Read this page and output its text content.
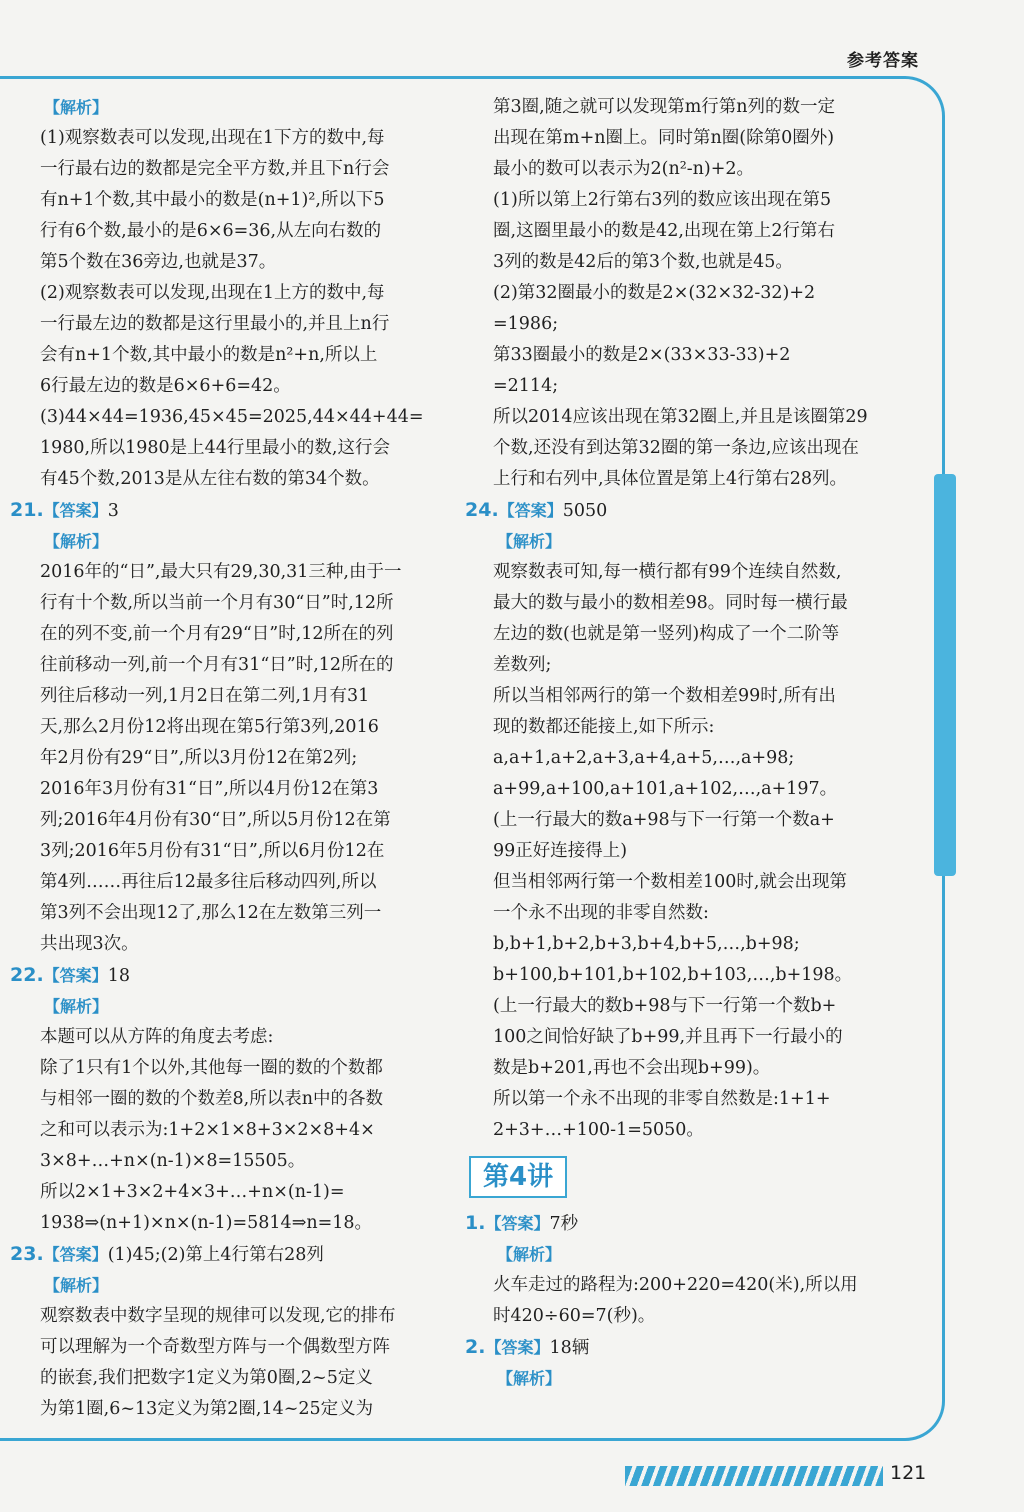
参考答案
【解析】
(1)观察数表可以发现,出现在1下方的数中,每
一行最右边的数都是完全平方数,并且下n行会
有n+1个数,其中最小的数是(n+1)²,所以下5
行有6个数,最小的是6×6=36,从左向右数的
第5个数在36旁边,也就是37。
(2)观察数表可以发现,出现在1上方的数中,每
一行最左边的数都是这行里最小的,并且上n行
会有n+1个数,其中最小的数是n²+n,所以上
6行最左边的数是6×6+6=42。
(3)44×44=1936,45×45=2025,44×44+44=
1980,所以1980是上44行里最小的数,这行会
有45个数,2013是从左往右数的第34个数。
21.【答案】3
【解析】
2016年的“日”,最大只有29,30,31三种,由于一
行有十个数,所以当前一个月有30“日”时,12所
在的列不变,前一个月有29“日”时,12所在的列
往前移动一列,前一个月有31“日”时,12所在的
列往后移动一列,1月2日在第二列,1月有31
天,那么2月份12将出现在第5行第3列,2016
年2月份有29“日”,所以3月份12在第2列;
2016年3月份有31“日”,所以4月份12在第3
列;2016年4月份有30“日”,所以5月份12在第
3列;2016年5月份有31“日”,所以6月份12在
第4列……再往后12最多往后移动四列,所以
第3列不会出现12了,那么12在左数第三列一
共出现3次。
22.【答案】18
【解析】
本题可以从方阵的角度去考虑:
除了1只有1个以外,其他每一圈的数的个数都
与相邻一圈的数的个数差8,所以表n中的各数
之和可以表示为:1+2×1×8+3×2×8+4×
3×8+…+n×(n-1)×8=15505。
所以2×1+3×2+4×3+…+n×(n-1)=
1938⇒(n+1)×n×(n-1)=5814⇒n=18。
23.【答案】(1)45;(2)第上4行第右28列
【解析】
观察数表中数字呈现的规律可以发现,它的排布
可以理解为一个奇数型方阵与一个偶数型方阵
的嵌套,我们把数字1定义为第0圈,2~5定义
为第1圈,6~13定义为第2圈,14~25定义为
第3圈,随之就可以发现第m行第n列的数一定
出现在第m+n圈上。同时第n圈(除第0圈外)
最小的数可以表示为2(n²-n)+2。
(1)所以第上2行第右3列的数应该出现在第5
圈,这圈里最小的数是42,出现在第上2行第右
3列的数是42后的第3个数,也就是45。
(2)第32圈最小的数是2×(32×32-32)+2
=1986;
第33圈最小的数是2×(33×33-33)+2
=2114;
所以2014应该出现在第32圈上,并且是该圈第29
个数,还没有到达第32圈的第一条边,应该出现在
上行和右列中,具体位置是第上4行第右28列。
24.【答案】5050
【解析】
观察数表可知,每一横行都有99个连续自然数,
最大的数与最小的数相差98。同时每一横行最
左边的数(也就是第一竖列)构成了一个二阶等
差数列;
所以当相邻两行的第一个数相差99时,所有出
现的数都还能接上,如下所示:
a,a+1,a+2,a+3,a+4,a+5,…,a+98;
a+99,a+100,a+101,a+102,…,a+197。
(上一行最大的数a+98与下一行第一个数a+
99正好连接得上)
但当相邻两行第一个数相差100时,就会出现第
一个永不出现的非零自然数:
b,b+1,b+2,b+3,b+4,b+5,…,b+98;
b+100,b+101,b+102,b+103,…,b+198。
(上一行最大的数b+98与下一行第一个数b+
100之间恰好缺了b+99,并且再下一行最小的
数是b+201,再也不会出现b+99)。
所以第一个永不出现的非零自然数是:1+1+
2+3+…+100-1=5050。
第4讲
1.【答案】7秒
【解析】
火车走过的路程为:200+220=420(米),所以用
时420÷60=7(秒)。
2.【答案】18辆
【解析】
121
